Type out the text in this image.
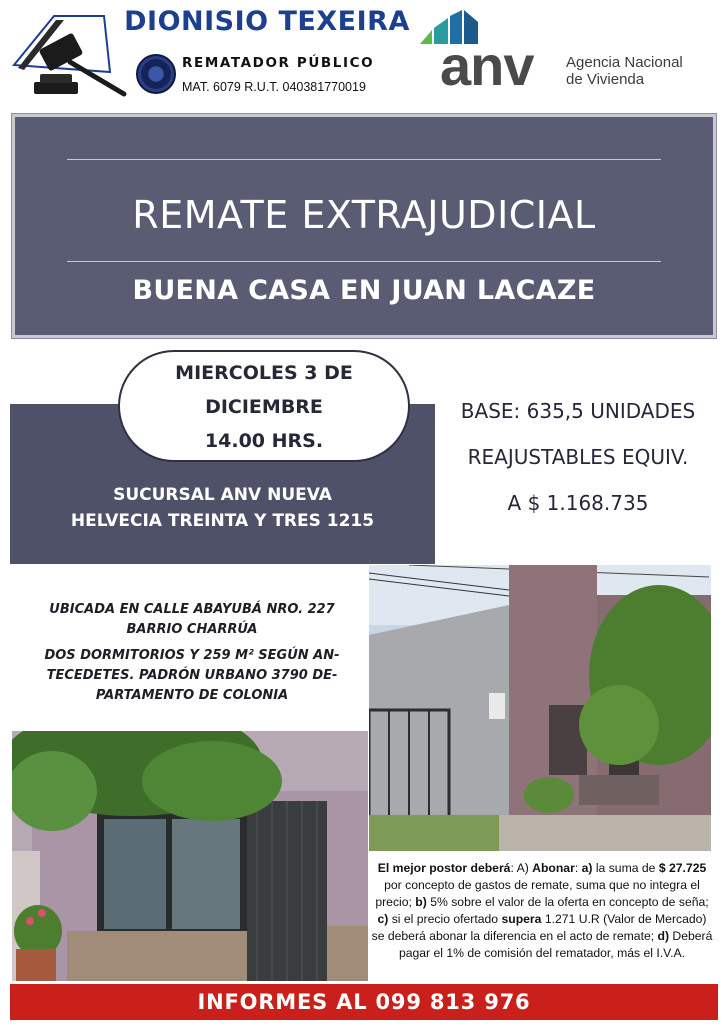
DIONISIO TEXEIRA
REMATADOR PÚBLICO
MAT. 6079 R.U.T. 040381770019 anv Agencia Nacional
de Vivienda
REMATE EXTRAJUDICIAL
BUENA CASA EN JUAN LACAZE
MIERCOLES 3 DE
DICIEMBRE
14.00 HRS.
SUCURSAL ANV NUEVA
HELVECIA TREINTA Y TRES 1215
BASE: 635,5 UNIDADES
REAJUSTABLES EQUIV.
A $ 1.168.735

UBICADA EN CALLE ABAYUBÁ NRO. 227
BARRIO CHARRÚA

DOS DORMITORIOS Y 259 M² SEGÚN AN-
TECEDETES. PADRÓN URBANO 3790 DE-
PARTAMENTO DE COLONIA

El mejor postor deberá: A) Abonar: a) la suma de $ 27.725 por concepto de gastos de remate, suma que no integra el precio; b) 5% sobre el valor de la oferta en concepto de seña; c) si el precio ofertado supera 1.271 U.R (Valor de Mercado) se deberá abonar la diferencia en el acto de remate; d) Deberá pagar el 1% de comisión del rematador, más el I.V.A.
INFORMES AL 099 813 976
